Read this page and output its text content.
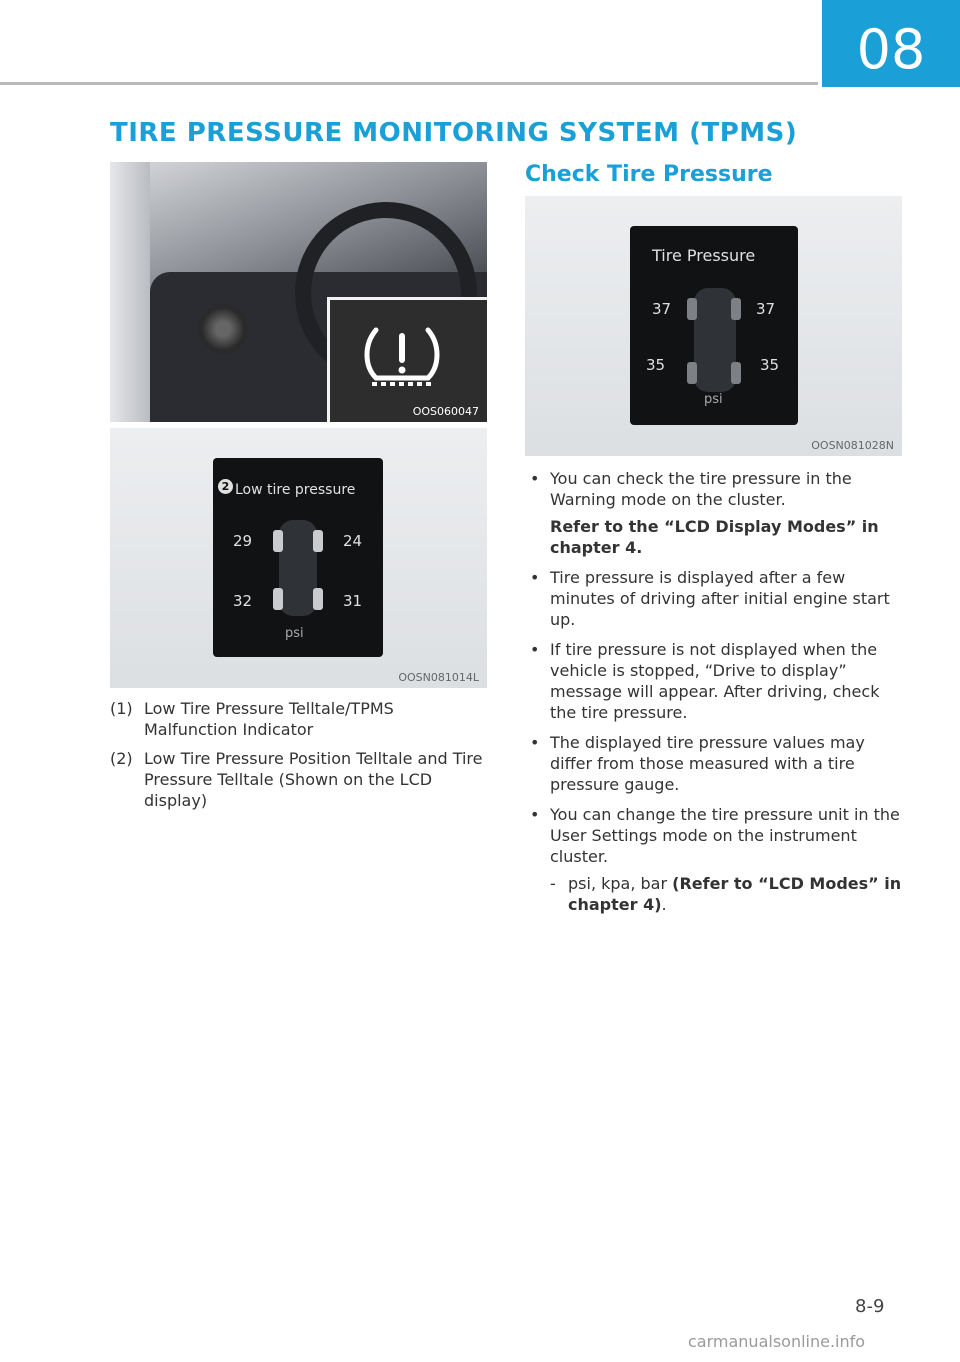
08
TIRE PRESSURE MONITORING SYSTEM (TPMS)
OOS060047
2 Low tire pressure
29	24
32	31
psi
OOSN081014L
(1) Low Tire Pressure Telltale/TPMS Malfunction Indicator
(2) Low Tire Pressure Position Telltale and Tire Pressure Telltale (Shown on the LCD display)
Check Tire Pressure
Tire Pressure
37	37
35	35
psi
OOSN081028N
• You can check the tire pressure in the Warning mode on the cluster.
Refer to the “LCD Display Modes” in chapter 4.
• Tire pressure is displayed after a few minutes of driving after initial engine start up.
• If tire pressure is not displayed when the vehicle is stopped, “Drive to display” message will appear. After driving, check the tire pressure.
• The displayed tire pressure values may differ from those measured with a tire pressure gauge.
• You can change the tire pressure unit in the User Settings mode on the instrument cluster.
- psi, kpa, bar (Refer to “LCD Modes” in chapter 4).
8-9
carmanualsonline.info
